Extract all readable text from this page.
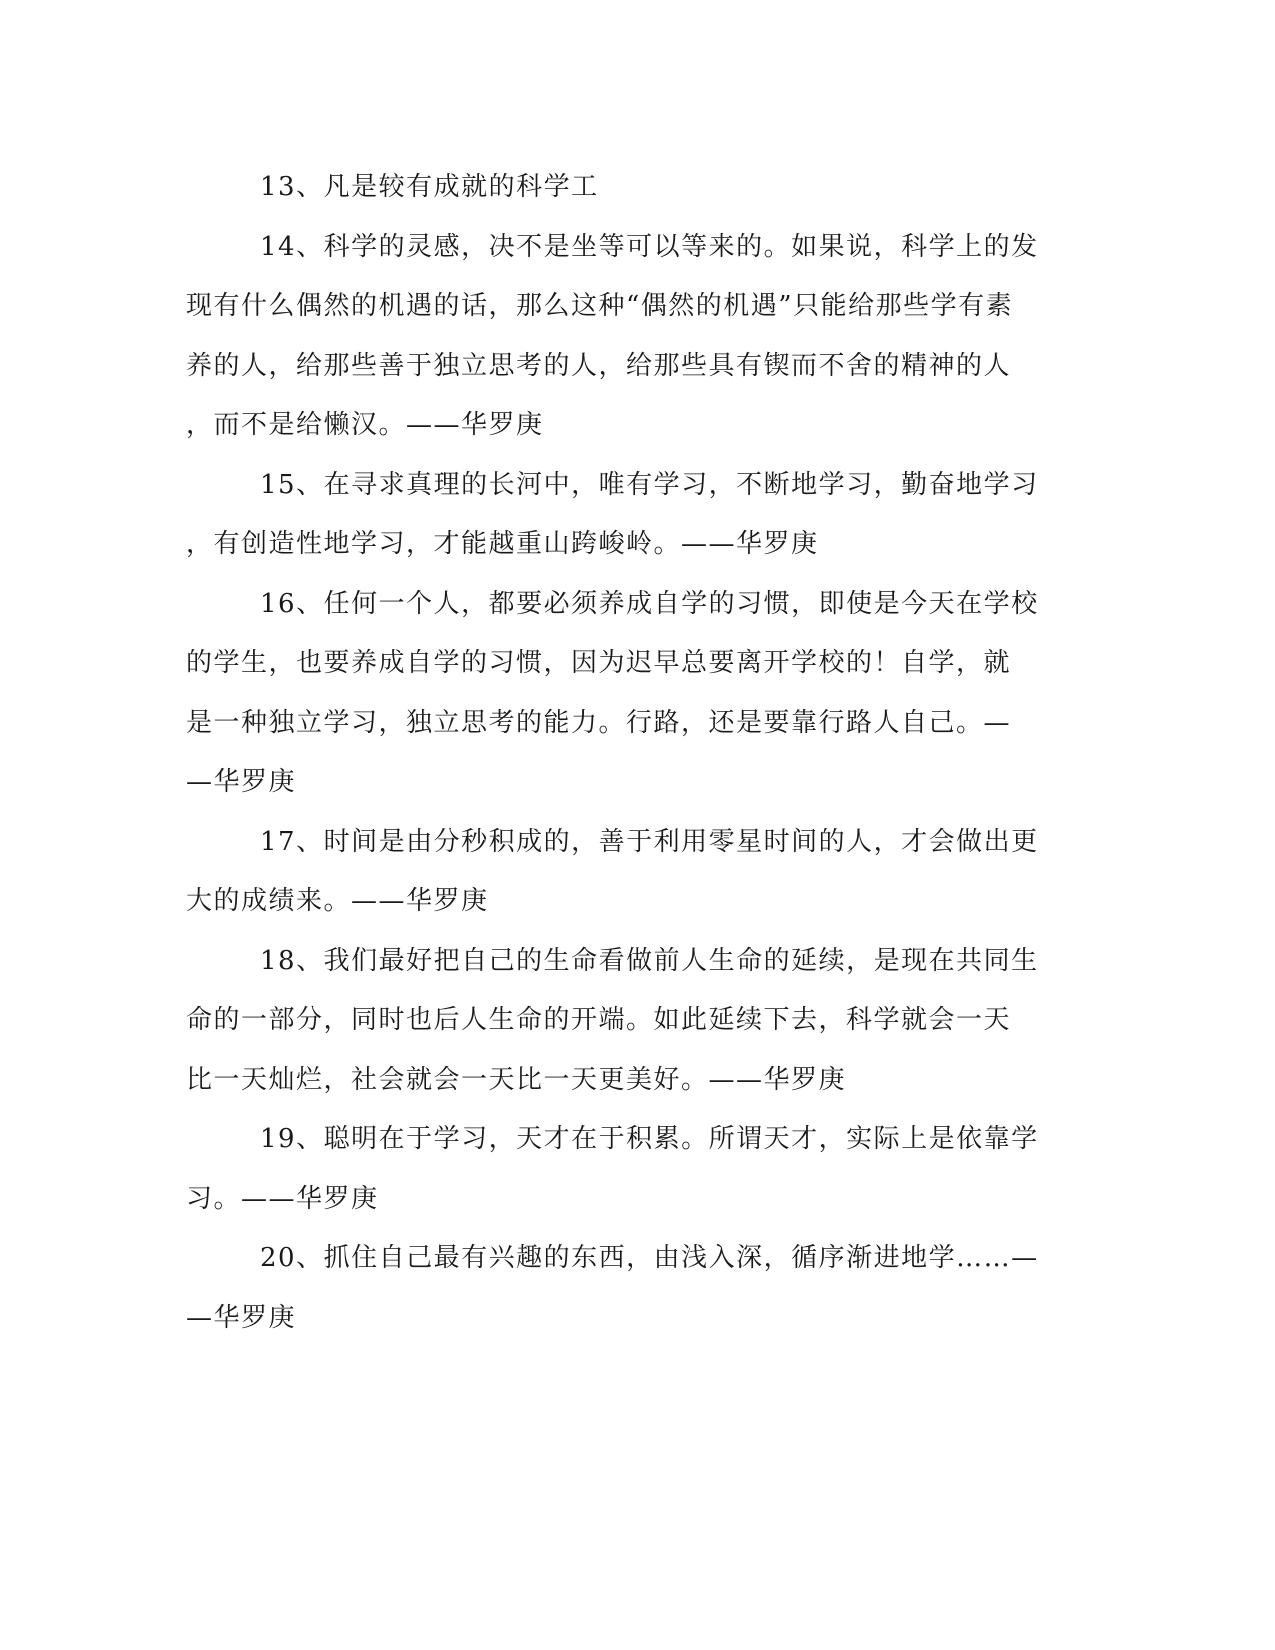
13、凡是较有成就的科学工
14、科学的灵感，决不是坐等可以等来的。如果说，科学上的发
现有什么偶然的机遇的话，那么这种“偶然的机遇”只能给那些学有素
养的人，给那些善于独立思考的人，给那些具有锲而不舍的精神的人
，而不是给懒汉。——华罗庚
15、在寻求真理的长河中，唯有学习，不断地学习，勤奋地学习
，有创造性地学习，才能越重山跨峻岭。——华罗庚
16、任何一个人，都要必须养成自学的习惯，即使是今天在学校
的学生，也要养成自学的习惯，因为迟早总要离开学校的！自学，就
是一种独立学习，独立思考的能力。行路，还是要靠行路人自己。—
—华罗庚
17、时间是由分秒积成的，善于利用零星时间的人，才会做出更
大的成绩来。——华罗庚
18、我们最好把自己的生命看做前人生命的延续，是现在共同生
命的一部分，同时也后人生命的开端。如此延续下去，科学就会一天
比一天灿烂，社会就会一天比一天更美好。——华罗庚
19、聪明在于学习，天才在于积累。所谓天才，实际上是依靠学
习。——华罗庚
20、抓住自己最有兴趣的东西，由浅入深，循序渐进地学……—
—华罗庚
